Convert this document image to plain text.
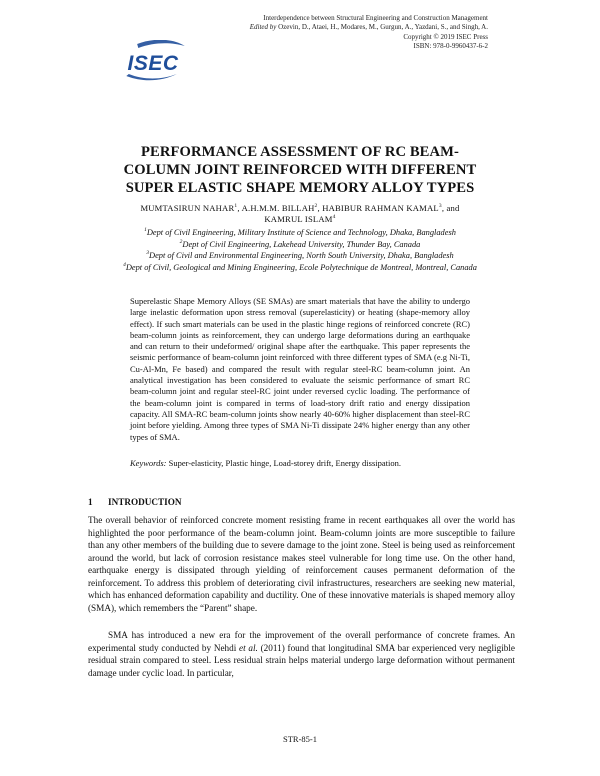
ISEC
Interdependence between Structural Engineering and Construction Management
Edited by Ozevin, D., Ataei, H., Modares, M., Gurgun, A., Yazdani, S., and Singh, A.
Copyright © 2019 ISEC Press
ISBN: 978-0-9960437-6-2
PERFORMANCE ASSESSMENT OF RC BEAM-
COLUMN JOINT REINFORCED WITH DIFFERENT
SUPER ELASTIC SHAPE MEMORY ALLOY TYPES
MUMTASIRUN NAHAR$^1$, A.H.M.M. BILLAH$^2$, HABIBUR RAHMAN KAMAL$^3$, and
KAMRUL ISLAM$^4$
$^1$Dept of Civil Engineering, Military Institute of Science and Technology, Dhaka, Bangladesh
$^2$Dept of Civil Engineering, Lakehead University, Thunder Bay, Canada
$^3$Dept of Civil and Environmental Engineering, North South University, Dhaka, Bangladesh
$^4$Dept of Civil, Geological and Mining Engineering, Ecole Polytechnique de Montreal, Montreal, Canada
Superelastic Shape Memory Alloys (SE SMAs) are smart materials that have the ability to undergo large inelastic deformation upon stress removal (superelasticity) or heating (shape-memory alloy effect). If such smart materials can be used in the plastic hinge regions of reinforced concrete (RC) beam-column joints as reinforcement, they can undergo large deformations during an earthquake and can return to their undeformed/ original shape after the earthquake. This paper represents the seismic performance of beam-column joint reinforced with three different types of SMA (e.g Ni-Ti, Cu-Al-Mn, Fe based) and compared the result with regular steel-RC beam-column joint. An analytical investigation has been considered to evaluate the seismic performance of smart RC beam-column joint and regular steel-RC joint under reversed cyclic loading. The performance of the beam-column joint is compared in terms of load-story drift ratio and energy dissipation capacity. All SMA-RC beam-column joints show nearly 40-60% higher displacement than steel-RC joint before yielding. Among three types of SMA Ni-Ti dissipate 24% higher energy than any other types of SMA.
Keywords: Super-elasticity, Plastic hinge, Load-storey drift, Energy dissipation.
1 INTRODUCTION
The overall behavior of reinforced concrete moment resisting frame in recent earthquakes all over the world has highlighted the poor performance of the beam-column joint. Beam-column joints are more susceptible to failure than any other members of the building due to severe damage to the joint zone. Steel is being used as reinforcement around the world, but lack of corrosion resistance makes steel vulnerable for long time use. On the other hand, earthquake energy is dissipated through yielding of reinforcement causes permanent deformation of the reinforcement. To address this problem of deteriorating civil infrastructures, researchers are seeking new material, which has enhanced deformation capability and ductility. One of these innovative materials is shaped memory alloy (SMA), which remembers the “Parent” shape.
SMA has introduced a new era for the improvement of the overall performance of concrete frames. An experimental study conducted by Nehdi et al. (2011) found that longitudinal SMA bar experienced very negligible residual strain compared to steel. Less residual strain helps material undergo large deformation without permanent damage under cyclic load. In particular,
STR-85-1
